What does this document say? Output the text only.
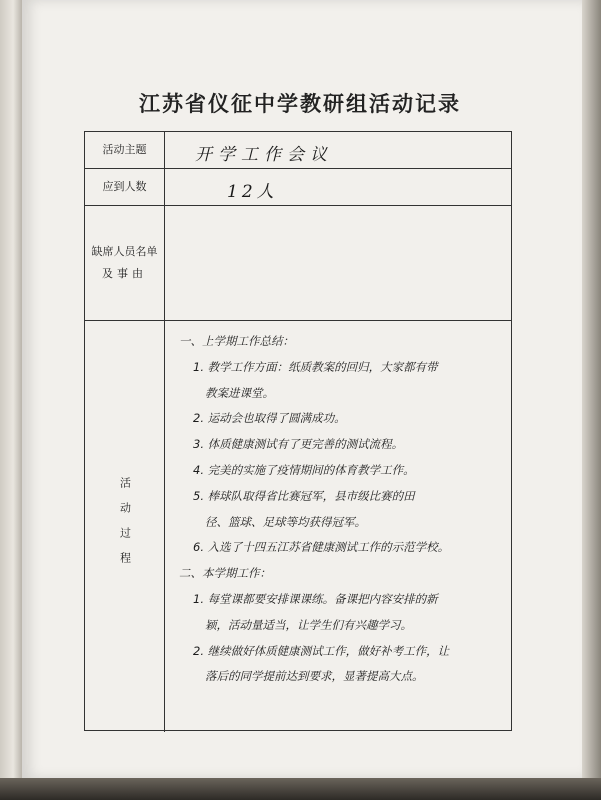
江苏省仪征中学教研组活动记录
活动主题	开学工作会议
应到人数	12人
缺席人员名单
及事由
活动过程
一、上学期工作总结：
1. 教学工作方面：纸质教案的回归，大家都有带
教案进课堂。
2. 运动会也取得了圆满成功。
3. 体质健康测试有了更完善的测试流程。
4. 完美的实施了疫情期间的体育教学工作。
5. 棒球队取得省比赛冠军，县市级比赛的田
径、篮球、足球等均获得冠军。
6. 入选了十四五江苏省健康测试工作的示范学校。
二、本学期工作：
1. 每堂课都要安排课课练。备课把内容安排的新
颖，活动量适当，让学生们有兴趣学习。
2. 继续做好体质健康测试工作，做好补考工作，让
落后的同学提前达到要求，显著提高大点。
